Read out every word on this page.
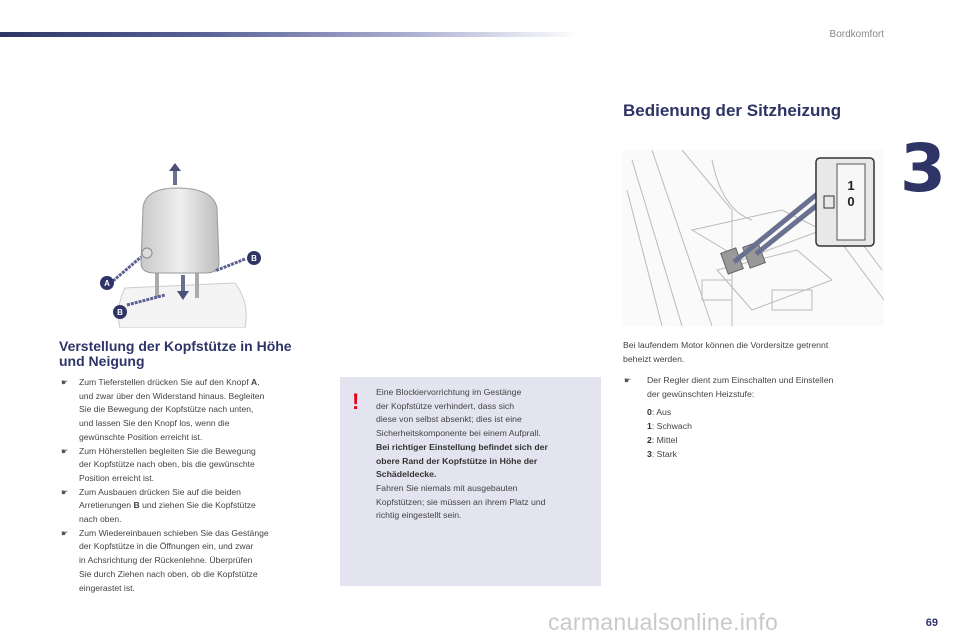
Bordkomfort
3
A
B
B
1
0
Verstellung der Kopfstütze in Höhe
und Neigung
☛ Zum Tieferstellen drücken Sie auf den Knopf A,
und zwar über den Widerstand hinaus. Begleiten
Sie die Bewegung der Kopfstütze nach unten,
und lassen Sie den Knopf los, wenn die
gewünschte Position erreicht ist.
☛ Zum Höherstellen begleiten Sie die Bewegung
der Kopfstütze nach oben, bis die gewünschte
Position erreicht ist.
☛ Zum Ausbauen drücken Sie auf die beiden
Arretierungen B und ziehen Sie die Kopfstütze
nach oben.
☛ Zum Wiedereinbauen schieben Sie das Gestänge
der Kopfstütze in die Öffnungen ein, und zwar
in Achsrichtung der Rückenlehne. Überprüfen
Sie durch Ziehen nach oben, ob die Kopfstütze
eingerastet ist.
! Eine Blockiervorrichtung im Gestänge
der Kopfstütze verhindert, dass sich
diese von selbst absenkt; dies ist eine
Sicherheitskomponente bei einem Aufprall.
Bei richtiger Einstellung befindet sich der
obere Rand der Kopfstütze in Höhe der
Schädeldecke.
Fahren Sie niemals mit ausgebauten
Kopfstützen; sie müssen an ihrem Platz und
richtig eingestellt sein.
Bedienung der Sitzheizung

Bei laufendem Motor können die Vordersitze getrennt
beheizt werden.

☛	Der Regler dient zum Einschalten und Einstellen
der gewünschten Heizstufe:
0: Aus
1: Schwach
2: Mittel
3: Stark
carmanualsonline.info	69
